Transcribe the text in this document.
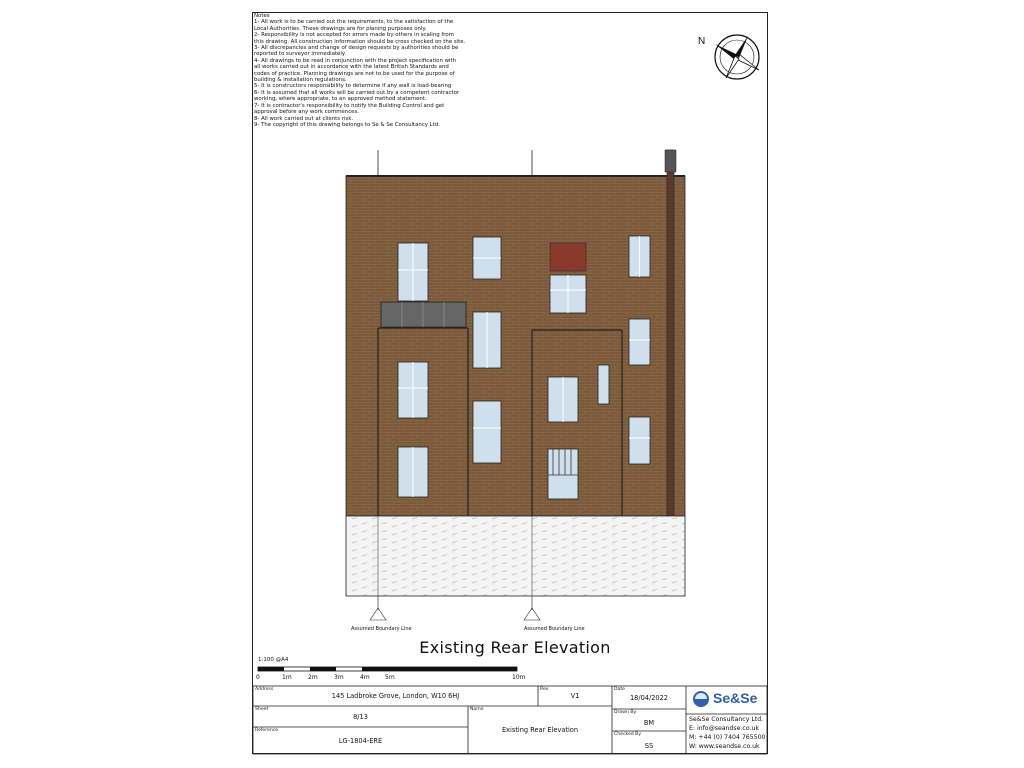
Notes
1- All work is to be carried out the requirements, to the satisfaction of the
Local Authorities. These drawings are for planing purposes only.
2- Responsibility is not accepted for errors made by others in scaling from
this drawing. All construction information should be cross checked on the site.
3- All discrepancies and change of design requests by authorities should be
reported to surveyor immediately.
4- All drawings to be read in conjunction with the project specification with
all works carried out in accordance with the latest British Standards and
codes of practice. Planning drawings are not to be used for the purpose of
building & installation regulations.
5- It is constructors responsibility to determine if any wall is load-bearing
6- It is assumed that all works will be carried out by a competent contractor
working, where appropriate, to an approved method statement.
7- It is contractor's responsibility to notify the Building Control and get
approval before any work commences.
8- All work carried out at clients risk.
9- The copyright of this drawing belongs to Se & Se Consultancy Ltd.
N
Assumed Boundary Line	Assumed Boundary Line
Existing Rear Elevation
1:100 @A4
0	1m	2m	3m	4m	5m	10m
Address
145 Ladbroke Grove, London, W10 6HJ
Rev
V1
Date
18/04/2022
Sheet
8/13
Name
Existing Rear Elevation
Drawn By
BM
Checked By
SS
Reference
LG-1804-ERE
Se&Se
Se&Se Consultancy Ltd.
E: info@seandse.co.uk
M: +44 (0) 7404 765500
W: www.seandse.co.uk
